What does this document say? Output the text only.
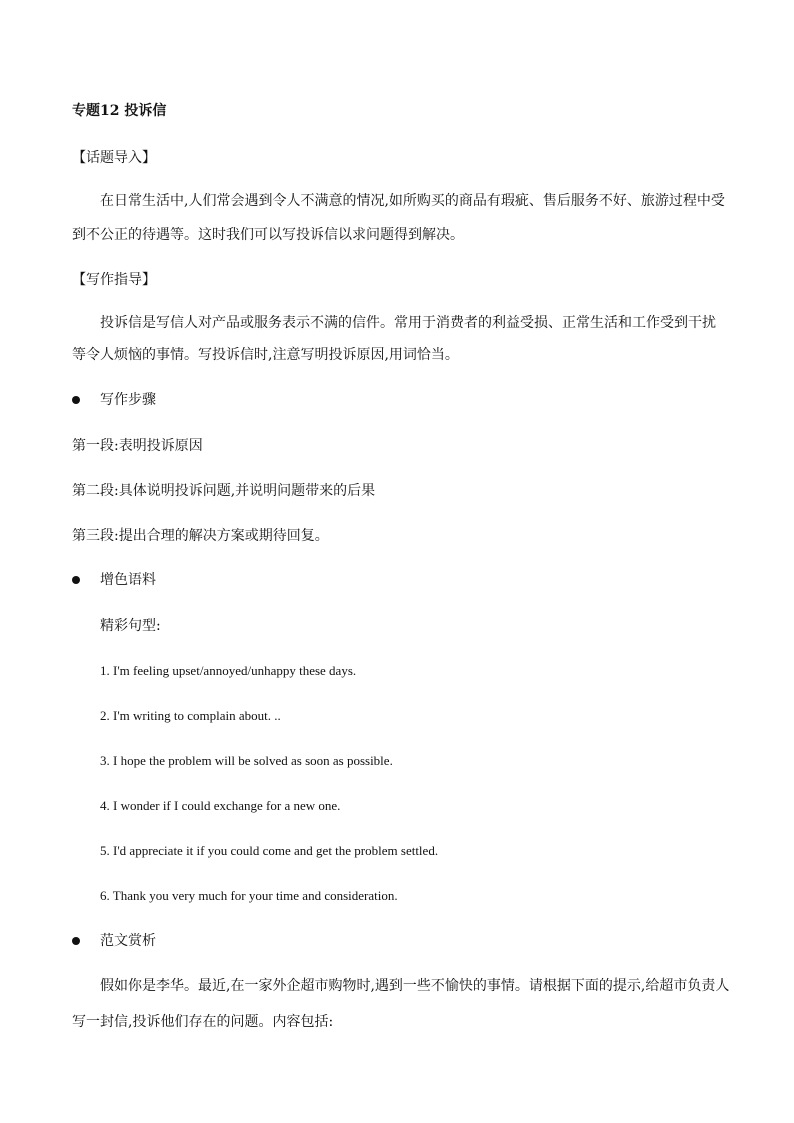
专题12 投诉信
【话题导入】
在日常生活中,人们常会遇到令人不满意的情况,如所购买的商品有瑕疵、售后服务不好、旅游过程中受
到不公正的待遇等。这时我们可以写投诉信以求问题得到解决。
【写作指导】
投诉信是写信人对产品或服务表示不满的信件。常用于消费者的利益受损、正常生活和工作受到干扰
等令人烦恼的事情。写投诉信时,注意写明投诉原因,用词恰当。
写作步骤
第一段:表明投诉原因
第二段:具体说明投诉问题,并说明问题带来的后果
第三段:提出合理的解决方案或期待回复。
增色语料
精彩句型:
1. I'm feeling upset/annoyed/unhappy these days.
2. I'm writing to complain about. ..
3. I hope the problem will be solved as soon as possible.
4. I wonder if I could exchange for a new one.
5. I'd appreciate it if you could come and get the problem settled.
6. Thank you very much for your time and consideration.
范文赏析
假如你是李华。最近,在一家外企超市购物时,遇到一些不愉快的事情。请根据下面的提示,给超市负责人
写一封信,投诉他们存在的问题。内容包括:
